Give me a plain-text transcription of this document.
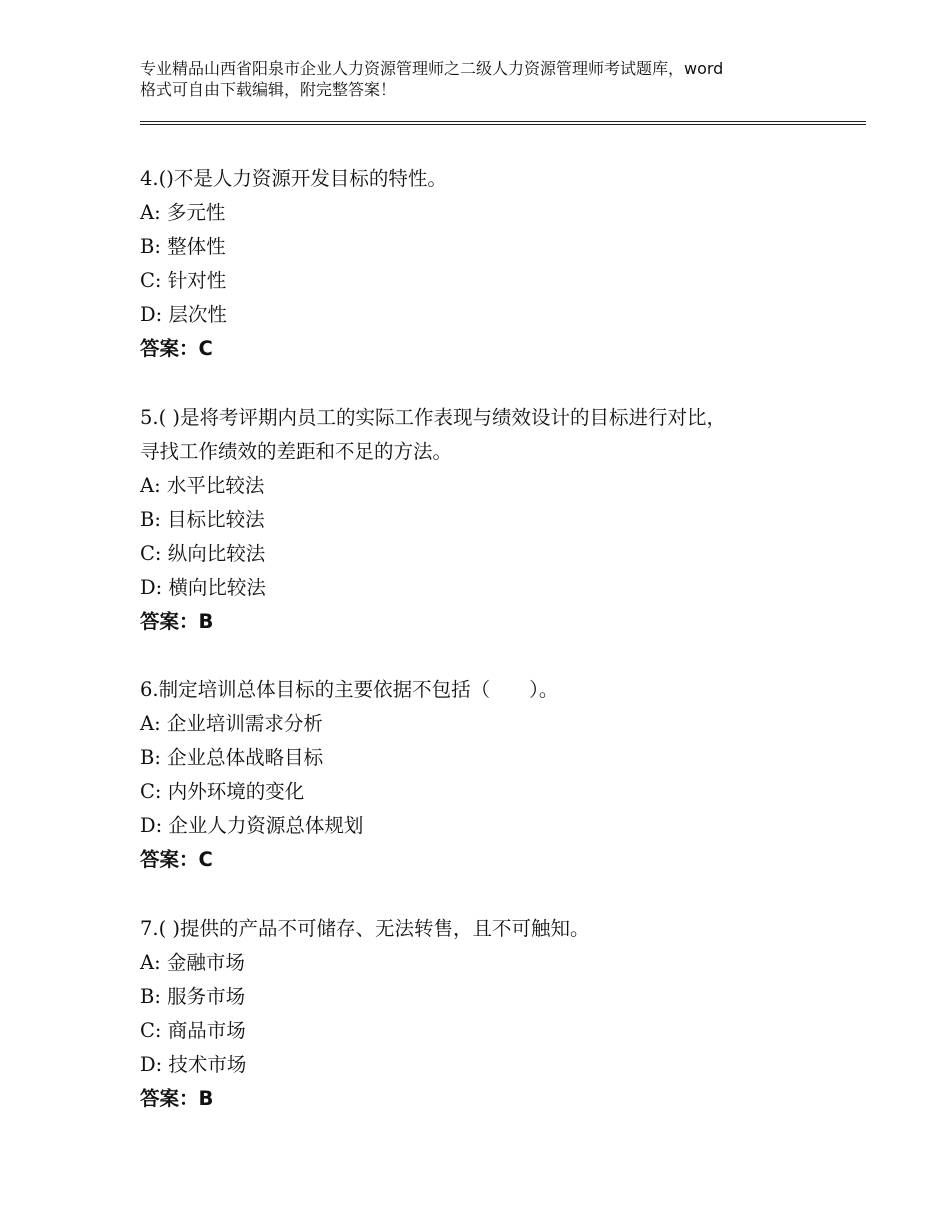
专业精品山西省阳泉市企业人力资源管理师之二级人力资源管理师考试题库，word
格式可自由下载编辑，附完整答案！
4.()不是人力资源开发目标的特性。
A: 多元性
B: 整体性
C: 针对性
D: 层次性
答案：C
5.( )是将考评期内员工的实际工作表现与绩效设计的目标进行对比，
寻找工作绩效的差距和不足的方法。
A: 水平比较法
B: 目标比较法
C: 纵向比较法
D: 横向比较法
答案：B
6.制定培训总体目标的主要依据不包括（　　）。
A: 企业培训需求分析
B: 企业总体战略目标
C: 内外环境的变化
D: 企业人力资源总体规划
答案：C
7.( )提供的产品不可储存、无法转售，且不可触知。
A: 金融市场
B: 服务市场
C: 商品市场
D: 技术市场
答案：B
